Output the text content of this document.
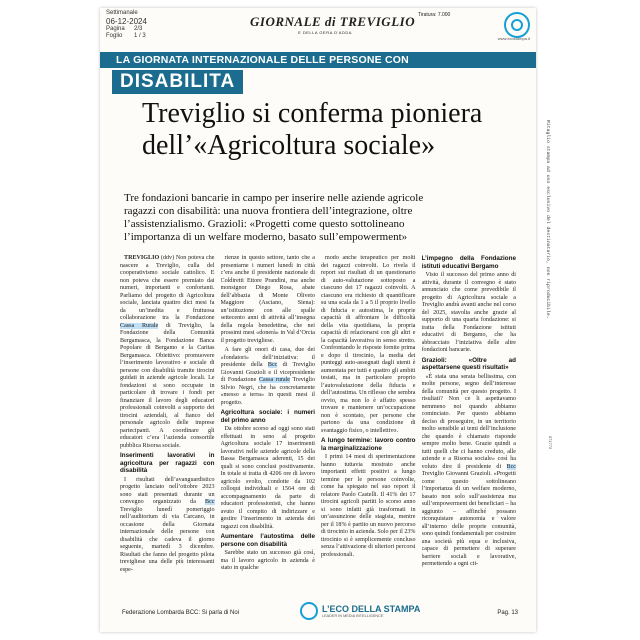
Settimanale
06-12-2024
Pagina	2/3
Foglio	1 / 3
GIORNALE di TREVIGLIO
E DELLA GERA D'ADDA
Tiratura: 7.000
www.ecostampa.it
LA GIORNATA INTERNAZIONALE DELLE PERSONE CON
DISABILITA
Treviglio si conferma pioniera
dell’«Agricoltura sociale»
Tre fondazioni bancarie in campo per inserire nelle aziende agricole ragazzi con disabilità: una nuova frontiera dell’integrazione, oltre l’assistenzialismo. Grazioli: «Progetti come questo sottolineano l’importanza di un welfare moderno, basato sull’empowerment»

TREVIGLIO (ddv) Non poteva che nascere a Treviglio, culla del cooperativismo sociale cattolico. E non poteva che essere premiato dai numeri, importanti e confortanti. Parliamo del progetto di Agricoltura sociale, lanciata quattro dici mesi fa da un’inedita e fruttuosa collaborazione tra la Fondazione Cassa Rurale di Treviglio, la Fondazione della Comunità Bergamasca, la Fondazione Banca Popolare di Bergamo e la Caritas Bergamasca. Obiettivo: promuovere l’inserimento lavorativo e sociale di persone con disabilità tramite tirocini guidati in aziende agricole locali. Le fondazioni si sono occupate in particolare di trovare i fondi per finanziare il lavoro degli educatori professionali coinvolti a supporto dei tirocini aziendali, al fianco del personale agricolo delle imprese partecipanti. A coordinare gli educatori c’era l’azienda consortile pubblica Risorsa sociale.

Inserimenti lavorativi in agricoltura per ragazzi con disabilità

I risultati dell’avanguardistico progetto lanciato nell’ottobre 2023 sono stati presentati durante un convegno organizzato da Bcc Treviglio lunedì pomeriggio nell’auditorium di via Carcano, in occasione della Giornata internazionale delle persone con disabilità che cadeva il giorno seguente, martedì 3 dicembre. Risultati che fanno del progetto pilota trevigliese una delle più interessanti espe-

rienze in questo settore, tanto che a presentarne i numeri lunedì in città c’era anche il presidente nazionale di Coldiretti Ettore Prandini, ma anche monsignor Diego Rosa, abate dell’abbazia di Monte Oliveto Maggiore (Asciano, Siena): un’istituzione con alle spalle settecento anni di attività all’insegna della regola benedettina, che nei prossimi mesi «donerà» in Val d’Orcia il progetto trevigliese.

A fare gli onori di casa, due dei «fondatori» dell’iniziativa: il presidente della Bcc di Treviglio Giovanni Grazioli e il vicepresidente di Fondazione Cassa rurale Treviglio Silvio Negri, che ha concretamente «messo a terra» in questi mesi il progetto.

Agricoltura sociale: i numeri del primo anno

Da ottobre scorso ad oggi sono stati effettuati in seno al progetto Agricoltura sociale 17 inserimenti lavorativi nelle aziende agricole della Bassa Bergamasca aderenti, 15 dei quali si sono conclusi positivamente. In totale si tratta di 4206 ore di lavoro agricolo svolto, condotte da 102 colloqui individuali e 1564 ore di accompagnamento da parte di educatori professionisti, che hanno avuto il compito di indirizzare e gestire l’inserimento in azienda dei ragazzi con disabilità.

Aumentare l’autostima delle persone con disabilità

Sarebbe stato un successo già così, ma il lavoro agricolo in azienda è stato in qualche

modo anche terapeutico per molti dei ragazzi coinvolti. Lo rivela il report sui risultati di un questionario di auto-valutazione sottoposto a ciascuno dei 17 ragazzi coinvolti. A ciascuno era richiesto di quantificare su una scala da 1 a 5 il proprio livello di fiducia e autostima, le proprie capacità di affrontare le difficoltà della vita quotidiana, la propria capacità di relazionarsi con gli altri e la capacità lavorativa in senso stretto. Confrontando le risposte fornite prima e dopo il tirocinio, la media dei punteggi auto-assegnati dagli utenti è aumentata per tutti e quattro gli ambiti testati, ma in particolare proprio l’autovalutazione della fiducia e dell’autostima. Un riflesso che sembra ovvio, ma non lo è affatto spesso trovare e mantenere un’occupazione non è scontato, per persone che partono da una condizione di svantaggio fisico, o intellettivo.

A lungo termine: lavoro contro la marginalizzazione

I primi 14 mesi di sperimentazione hanno tuttavia mostrato anche importanti effetti positivi a lungo termine per le persone coinvolte, come ha spiegato nel suo report il relatore Paolo Castelli. Il 41% dei 17 tirocini agricoli partiti lo scorso anno si sono infatti già trasformati in un’assunzione delle stagista, mentre per il 18% è partito un nuovo percorso di tirocinio in azienda. Solo per il 23% tirocinio si è semplicemente concluso senza l’attivazione di ulteriori percorsi professionali.

L’impegno della Fondazione istituti educativi Bergamo

Visto il successo del primo anno di attività, durante il convegno è stato annunciato che come prevedibile il progetto di Agricoltura sociale a Treviglio andrà avanti anche nel corso del 2025, stavolta anche grazie al supporto di una quarta fondazione: si tratta della Fondazione istituti educativi di Bergamo, che ha abbracciato l’iniziativa delle altre fondazioni bancarie.

Grazioli: «Oltre ad aspettarsene questi risultati»

«È stata una serata bellissima, con molte persone, segno dell’interesse della comunità per questo progetto. I risultati? Non ce li aspettavamo nemmeno noi quando abbiamo cominciato. Per questo abbiamo deciso di proseguire, in un territorio molto sensibile ai temi dell’inclusione che quando è chiamato risponde sempre molto bene. Grazie quindi a tutti quelli che ci hanno creduto, alle aziende e a Risorsa sociale» così ha voluto dire il presidente di Bcc Treviglio Giovanni Grazioli. «Progetti come questo sottolineano l’importanza di un welfare moderno, basato non solo sull’assistenza ma sull’empowerment dei beneficiari – ha aggiunto – affinché possano riconquistare autonomia e valore all’interno delle proprie comunità, sono quindi fondamentali per costruire una società più equa e inclusiva, capace di permettere di superare barriere sociali e lavorative, permettendo a ogni cit-

Federazione Lombarda BCC: Si parla di Noi	L’ECO DELLA STAMPA
LEADER IN MEDIA INTELLIGENCE	Pag. 13
Ritaglio stampa ad uso esclusivo del destinatario, non riproducibile.
071772
